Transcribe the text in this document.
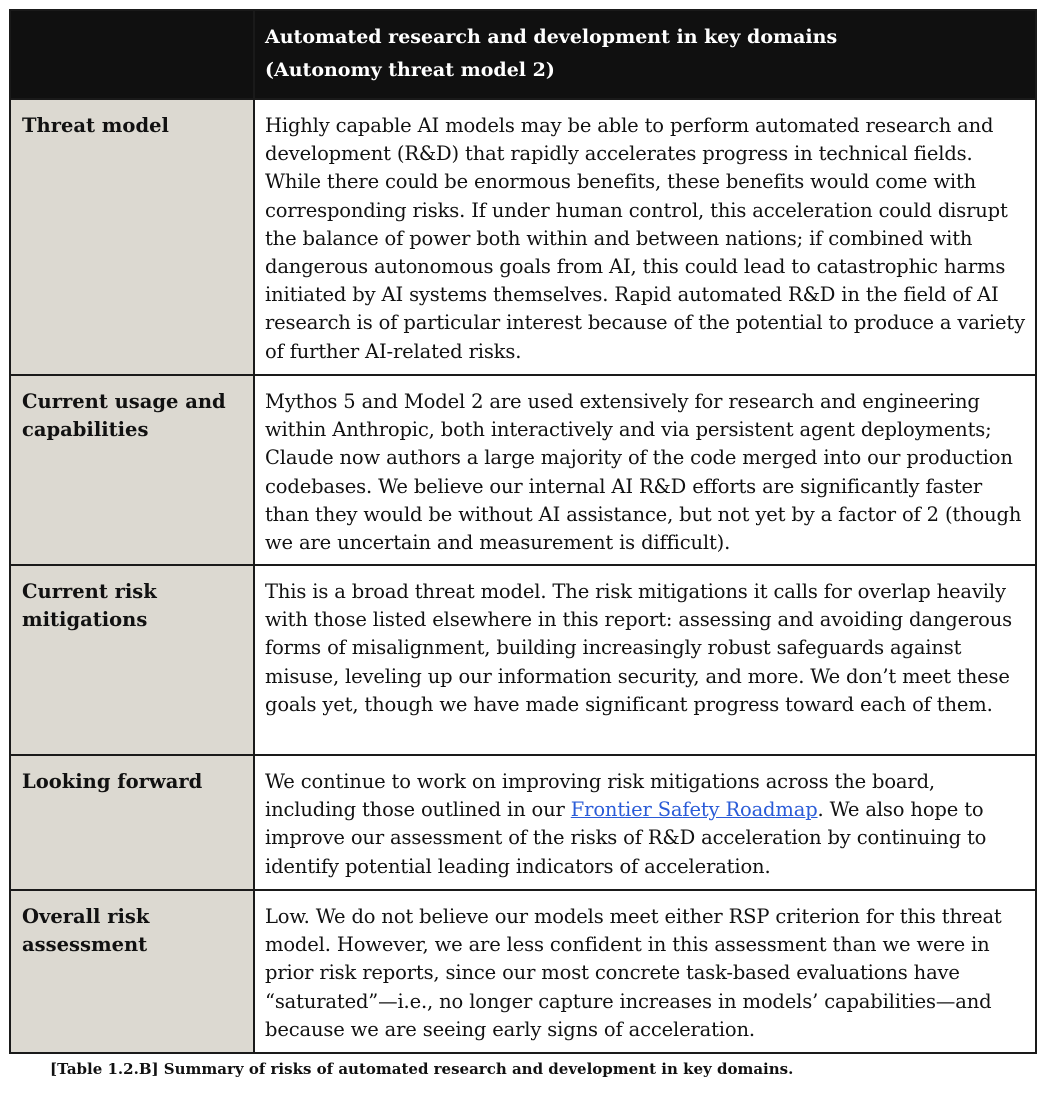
	Automated research and development in key domains
(Autonomy threat model 2)

Threat model	Highly capable AI models may be able to perform automated research and development (R&D) that rapidly accelerates progress in technical fields. While there could be enormous benefits, these benefits would come with corresponding risks. If under human control, this acceleration could disrupt the balance of power both within and between nations; if combined with dangerous autonomous goals from AI, this could lead to catastrophic harms initiated by AI systems themselves. Rapid automated R&D in the field of AI research is of particular interest because of the potential to produce a variety of further AI-related risks.
Current usage and capabilities	Mythos 5 and Model 2 are used extensively for research and engineering within Anthropic, both interactively and via persistent agent deployments; Claude now authors a large majority of the code merged into our production codebases. We believe our internal AI R&D efforts are significantly faster than they would be without AI assistance, but not yet by a factor of 2 (though we are uncertain and measurement is difficult).
Current risk mitigations	This is a broad threat model. The risk mitigations it calls for overlap heavily with those listed elsewhere in this report: assessing and avoiding dangerous forms of misalignment, building increasingly robust safeguards against misuse, leveling up our information security, and more. We don’t meet these goals yet, though we have made significant progress toward each of them.
Looking forward	We continue to work on improving risk mitigations across the board, including those outlined in our Frontier Safety Roadmap. We also hope to improve our assessment of the risks of R&D acceleration by continuing to identify potential leading indicators of acceleration.
Overall risk assessment	Low. We do not believe our models meet either RSP criterion for this threat model. However, we are less confident in this assessment than we were in prior risk reports, since our most concrete task-based evaluations have “saturated”—i.e., no longer capture increases in models’ capabilities—and because we are seeing early signs of acceleration.
[Table 1.2.B] Summary of risks of automated research and development in key domains.
